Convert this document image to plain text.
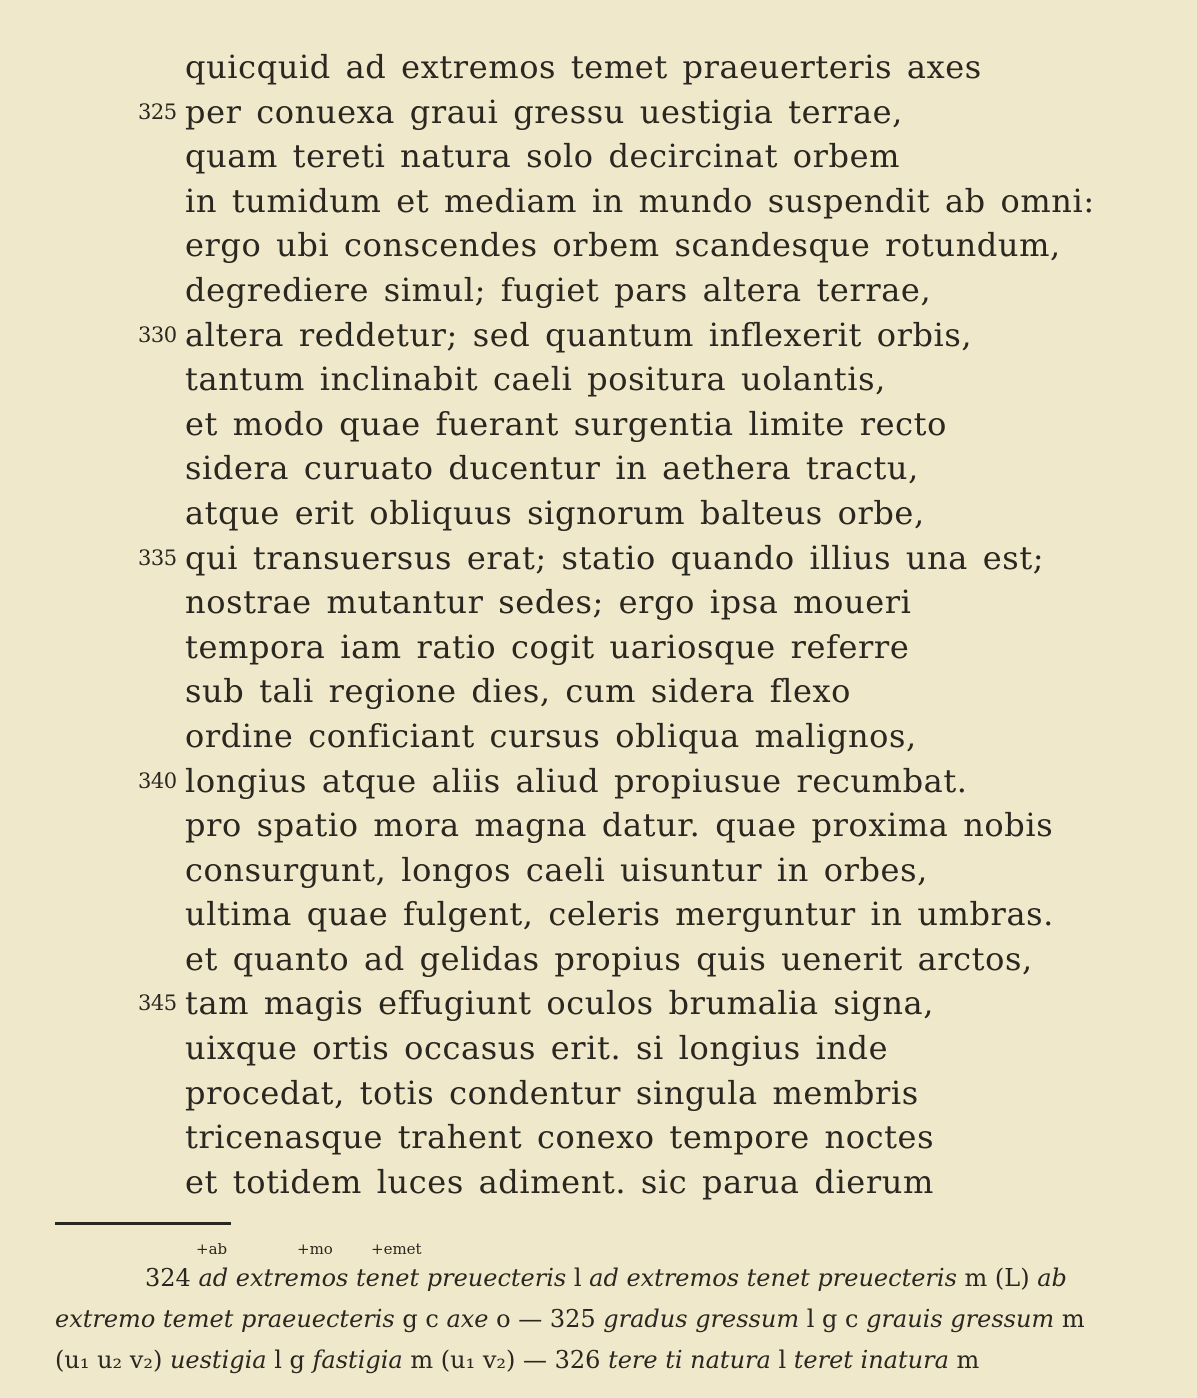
quicquid ad extremos temet praeuerteris axes
325 per conuexa graui gressu uestigia terrae,
quam tereti natura solo decircinat orbem
in tumidum et mediam in mundo suspendit ab omni:
ergo ubi conscendes orbem scandesque rotundum,
degrediere simul; fugiet pars altera terrae,
330 altera reddetur; sed quantum inflexerit orbis,
tantum inclinabit caeli positura uolantis,
et modo quae fuerant surgentia limite recto
sidera curuato ducentur in aethera tractu,
atque erit obliquus signorum balteus orbe,
335 qui transuersus erat; statio quando illius una est;
nostrae mutantur sedes; ergo ipsa moueri
tempora iam ratio cogit uariosque referre
sub tali regione dies, cum sidera flexo
ordine conficiant cursus obliqua malignos,
340 longius atque aliis aliud propiusue recumbat.
pro spatio mora magna datur. quae proxima nobis
consurgunt, longos caeli uisuntur in orbes,
ultima quae fulgent, celeris merguntur in umbras.
et quanto ad gelidas propius quis uenerit arctos,
345 tam magis effugiunt oculos brumalia signa,
uixque ortis occasus erit. si longius inde
procedat, totis condentur singula membris
tricenasque trahent conexo tempore noctes
et totidem luces adiment. sic parua dierum
+ab	+mo	+emet
324 ad extremos tenet preuecteris l ad extremos tenet preuecteris m (L) ab
extremo temet praeuecteris g c axe o — 325 gradus gressum l g c grauis gressum m
(u₁ u₂ v₂) uestigia l g fastigia m (u₁ v₂) — 326 tere ti natura l teret inatura m
